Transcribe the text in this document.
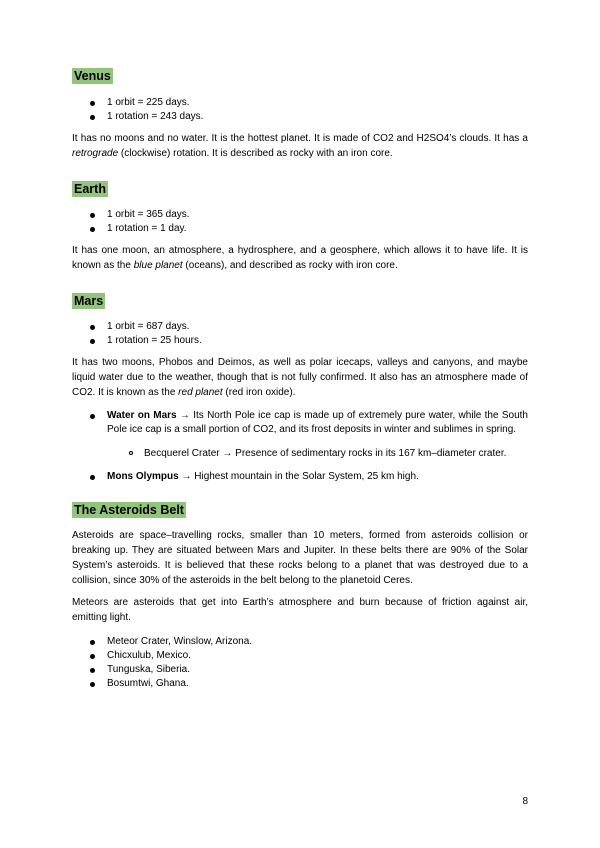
Venus
1 orbit = 225 days.
1 rotation = 243 days.

It has no moons and no water. It is the hottest planet. It is made of CO2 and H2SO4’s clouds. It has a retrograde (clockwise) rotation. It is described as rocky with an iron core.

Earth
1 orbit = 365 days.
1 rotation = 1 day.

It has one moon, an atmosphere, a hydrosphere, and a geosphere, which allows it to have life. It is known as the blue planet (oceans), and described as rocky with iron core.

Mars
1 orbit = 687 days.
1 rotation = 25 hours.

It has two moons, Phobos and Deimos, as well as polar icecaps, valleys and canyons, and maybe liquid water due to the weather, though that is not fully confirmed. It also has an atmosphere made of CO2. It is known as the red planet (red iron oxide).

Water on Mars → Its North Pole ice cap is made up of extremely pure water, while the South Pole ice cap is a small portion of CO2, and its frost deposits in winter and sublimes in spring.
Becquerel Crater → Presence of sedimentary rocks in its 167 km–diameter crater.
Mons Olympus → Highest mountain in the Solar System, 25 km high.
The Asteroids Belt

Asteroids are space–travelling rocks, smaller than 10 meters, formed from asteroids collision or breaking up. They are situated between Mars and Jupiter. In these belts there are 90% of the Solar System’s asteroids. It is believed that these rocks belong to a planet that was destroyed due to a collision, since 30% of the asteroids in the belt belong to the planetoid Ceres.

Meteors are asteroids that get into Earth’s atmosphere and burn because of friction against air, emitting light.

Meteor Crater, Winslow, Arizona.
Chicxulub, Mexico.
Tunguska, Siberia.
Bosumtwi, Ghana.
8
